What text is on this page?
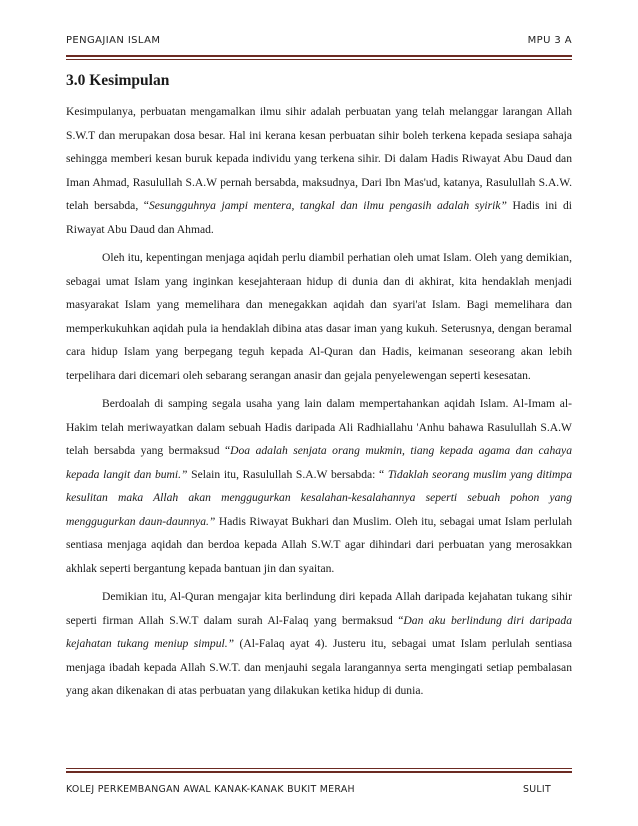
PENGAJIAN ISLAM	MPU 3 A
3.0 Kesimpulan

Kesimpulanya, perbuatan mengamalkan ilmu sihir adalah perbuatan yang telah melanggar larangan Allah S.W.T dan merupakan dosa besar. Hal ini kerana kesan perbuatan sihir boleh terkena kepada sesiapa sahaja sehingga memberi kesan buruk kepada individu yang terkena sihir. Di dalam Hadis Riwayat Abu Daud dan Iman Ahmad, Rasulullah S.A.W pernah bersabda, maksudnya, Dari Ibn Mas'ud, katanya, Rasulullah S.A.W. telah bersabda, “Sesungguhnya jampi mentera, tangkal dan ilmu pengasih adalah syirik” Hadis ini di Riwayat Abu Daud dan Ahmad.

Oleh itu, kepentingan menjaga aqidah perlu diambil perhatian oleh umat Islam. Oleh yang demikian, sebagai umat Islam yang inginkan kesejahteraan hidup di dunia dan di akhirat, kita hendaklah menjadi masyarakat Islam yang memelihara dan menegakkan aqidah dan syari'at Islam. Bagi memelihara dan memperkukuhkan aqidah pula ia hendaklah dibina atas dasar iman yang kukuh. Seterusnya, dengan beramal cara hidup Islam yang berpegang teguh kepada Al-Quran dan Hadis, keimanan seseorang akan lebih terpelihara dari dicemari oleh sebarang serangan anasir dan gejala penyelewengan seperti kesesatan.

Berdoalah di samping segala usaha yang lain dalam mempertahankan aqidah Islam. Al-Imam al-Hakim telah meriwayatkan dalam sebuah Hadis daripada Ali Radhiallahu 'Anhu bahawa Rasulullah S.A.W telah bersabda yang bermaksud “Doa adalah senjata orang mukmin, tiang kepada agama dan cahaya kepada langit dan bumi.” Selain itu, Rasulullah S.A.W bersabda: “ Tidaklah seorang muslim yang ditimpa kesulitan maka Allah akan menggugurkan kesalahan-kesalahannya seperti sebuah pohon yang menggugurkan daun-daunnya.” Hadis Riwayat Bukhari dan Muslim. Oleh itu, sebagai umat Islam perlulah sentiasa menjaga aqidah dan berdoa kepada Allah S.W.T agar dihindari dari perbuatan yang merosakkan akhlak seperti bergantung kepada bantuan jin dan syaitan.

Demikian itu, Al-Quran mengajar kita berlindung diri kepada Allah daripada kejahatan tukang sihir seperti firman Allah S.W.T dalam surah Al-Falaq yang bermaksud “Dan aku berlindung diri daripada kejahatan tukang meniup simpul.” (Al-Falaq ayat 4). Justeru itu, sebagai umat Islam perlulah sentiasa menjaga ibadah kepada Allah S.W.T. dan menjauhi segala larangannya serta mengingati setiap pembalasan yang akan dikenakan di atas perbuatan yang dilakukan ketika hidup di dunia.

KOLEJ PERKEMBANGAN AWAL KANAK-KANAK BUKIT MERAH	SULIT
